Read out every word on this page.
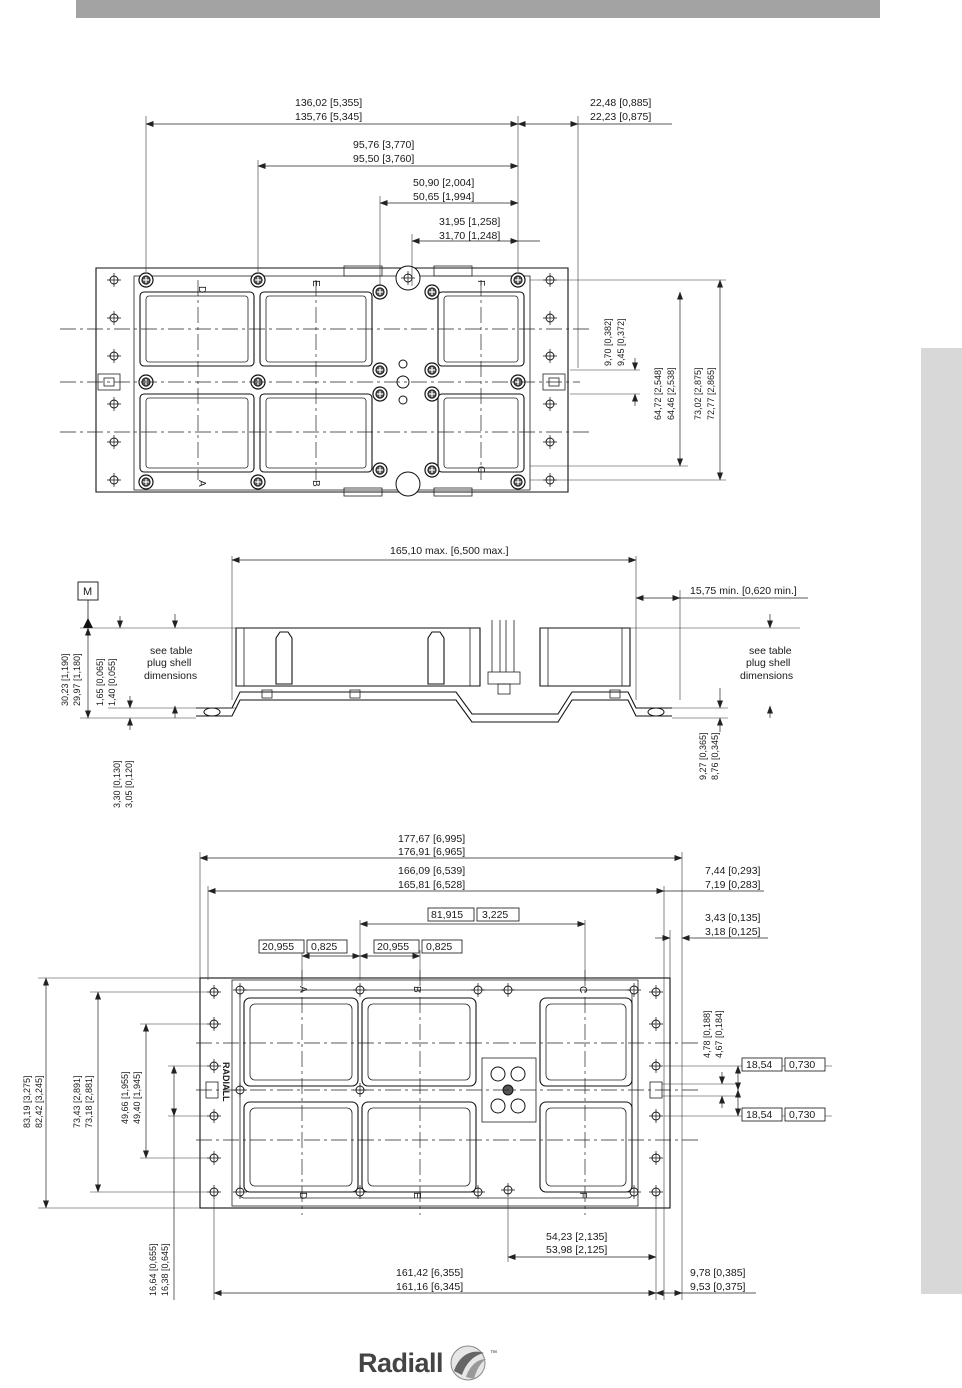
D
E	F
A	B
C
136,02 [5,355]
135,76 [5,345]
22,48 [0,885]
22,23 [0,875]
95,76 [3,770]
95,50 [3,760]
50,90 [2,004]
50,65 [1,994]
31,95 [1,258]
31,70 [1,248]
9,70 [0,382] 9,45 [0,372]
64,72 [2,548] 64,46 [2,538] 73,02 [2,875] 72,77 [2,865]
165,10 max. [6,500 max.]
15,75 min. [0,620 min.]
M
30,23 [1,190] 29,97 [1,180] 1,65 [0,065] 1,40 [0,055]
3,30 [0,130] 3,05 [0,120]
see table
plug shell
dimensions
see table
plug shell
dimensions
9,27 [0,365] 8,76 [0,345]
RADIALL
A	B	C
D	E	F
177,67 [6,995]
176,91 [6,965]
166,09 [6,539]
165,81 [6,528]
7,44 [0,293]
7,19 [0,283]
3,43 [0,135]
3,18 [0,125]
81,915 3,225
20,955 0,825	20,955 0,825
83,19 [3,275] 82,42 [3,245]	73,43 [2,891] 73,18 [2,881]	49,66 [1,955] 49,40 [1,945]
16,64 [0,655] 16,38 [0,645]
4,78 [0,188] 4,67 [0,184]
18,54 0,730
18,54 0,730
54,23 [2,135]
53,98 [2,125]
161,42 [6,355]
161,16 [6,345]
9,78 [0,385]
9,53 [0,375]
Radiall	™
